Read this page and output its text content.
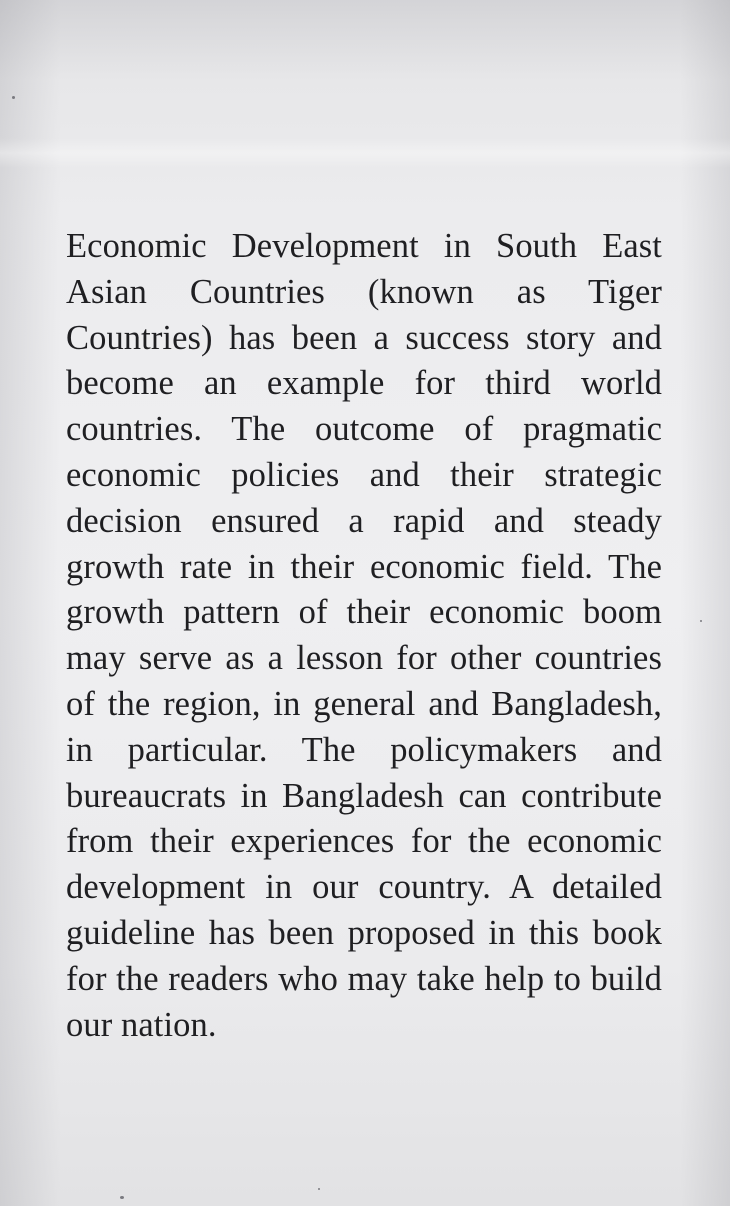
Economic Development in South East Asian Countries (known as Tiger Countries) has been a success story and become an example for third world countries. The outcome of pragmatic economic policies and their strategic decision ensured a rapid and steady growth rate in their economic field. The growth pattern of their economic boom may serve as a lesson for other countries of the region, in general and Bangladesh, in particular. The policymakers and bureaucrats in Bangladesh can contribute from their experiences for the economic development in our country. A detailed guideline has been proposed in this book for the readers who may take help to build our nation.
